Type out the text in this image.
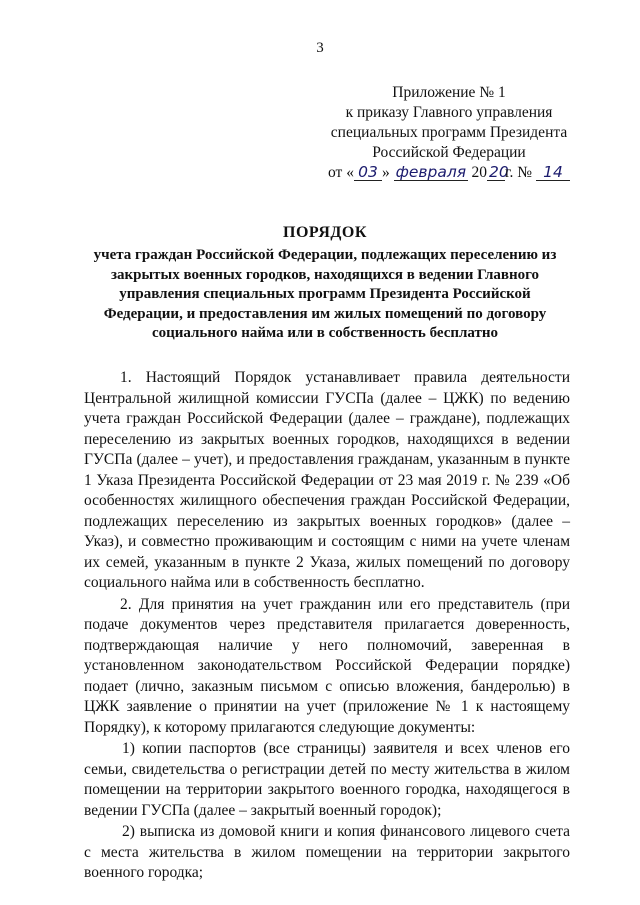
3
Приложение № 1
к приказу Главного управления
специальных программ Президента
Российской Федерации
от « 03 » февраля 20 20г. № 14
ПОРЯДОК
учета граждан Российской Федерации, подлежащих переселению из закрытых военных городков, находящихся в ведении Главного управления специальных программ Президента Российской Федерации, и предоставления им жилых помещений по договору социального найма или в собственность бесплатно

1. Настоящий Порядок устанавливает правила деятельности Центральной жилищной комиссии ГУСПа (далее – ЦЖК) по ведению учета граждан Российской Федерации (далее – граждане), подлежащих переселению из закрытых военных городков, находящихся в ведении ГУСПа (далее – учет), и предоставления гражданам, указанным в пункте 1 Указа Президента Российской Федерации от 23 мая 2019 г. № 239 «Об особенностях жилищного обеспечения граждан Российской Федерации, подлежащих переселению из закрытых военных городков» (далее – Указ), и совместно проживающим и состоящим с ними на учете членам их семей, указанным в пункте 2 Указа, жилых помещений по договору социального найма или в собственность бесплатно.

2. Для принятия на учет гражданин или его представитель (при подаче документов через представителя прилагается доверенность, подтверждающая наличие у него полномочий, заверенная в установленном законодательством Российской Федерации порядке) подает (лично, заказным письмом с описью вложения, бандеролью) в ЦЖК заявление о принятии на учет (приложение № 1 к настоящему Порядку), к которому прилагаются следующие документы:

1) копии паспортов (все страницы) заявителя и всех членов его семьи, свидетельства о регистрации детей по месту жительства в жилом помещении на территории закрытого военного городка, находящегося в ведении ГУСПа (далее – закрытый военный городок);

2) выписка из домовой книги и копия финансового лицевого счета с места жительства в жилом помещении на территории закрытого военного городка;
